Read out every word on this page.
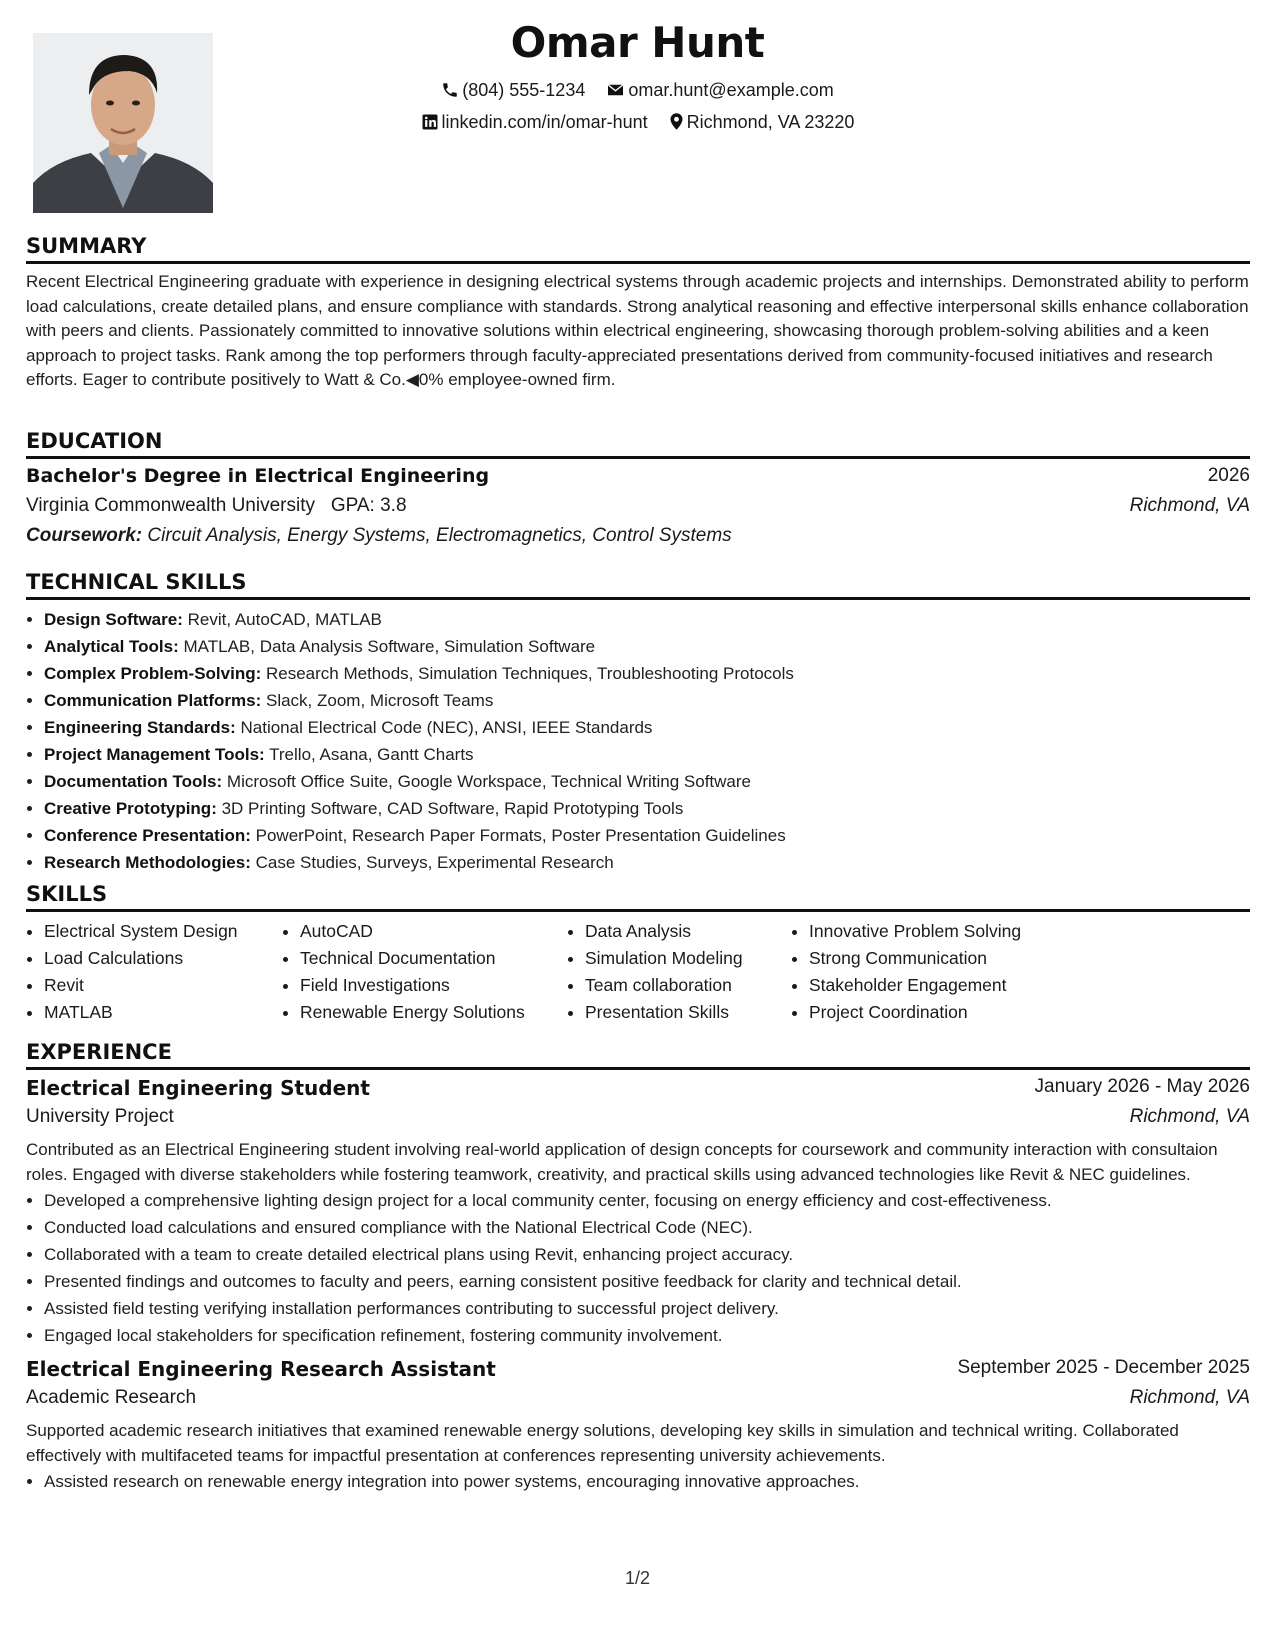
Omar Hunt
(804) 555-1234 omar.hunt@example.com
linkedin.com/in/omar-hunt Richmond, VA 23220
SUMMARY
Recent Electrical Engineering graduate with experience in designing electrical systems through academic projects and internships. Demonstrated ability to perform load calculations, create detailed plans, and ensure compliance with standards. Strong analytical reasoning and effective interpersonal skills enhance collaboration with peers and clients. Passionately committed to innovative solutions within electrical engineering, showcasing thorough problem-solving abilities and a keen approach to project tasks. Rank among the top performers through faculty-appreciated presentations derived from community-focused initiatives and research efforts. Eager to contribute positively to Watt & Co.◀0% employee-owned firm.
EDUCATION
Bachelor's Degree in Electrical Engineering	2026
Virginia Commonwealth University GPA: 3.8	Richmond, VA
Coursework: Circuit Analysis, Energy Systems, Electromagnetics, Control Systems
TECHNICAL SKILLS
• Design Software: Revit, AutoCAD, MATLAB
• Analytical Tools: MATLAB, Data Analysis Software, Simulation Software
• Complex Problem-Solving: Research Methods, Simulation Techniques, Troubleshooting Protocols
• Communication Platforms: Slack, Zoom, Microsoft Teams
• Engineering Standards: National Electrical Code (NEC), ANSI, IEEE Standards
• Project Management Tools: Trello, Asana, Gantt Charts
• Documentation Tools: Microsoft Office Suite, Google Workspace, Technical Writing Software
• Creative Prototyping: 3D Printing Software, CAD Software, Rapid Prototyping Tools
• Conference Presentation: PowerPoint, Research Paper Formats, Poster Presentation Guidelines
• Research Methodologies: Case Studies, Surveys, Experimental Research
SKILLS
• Electrical System Design
• Load Calculations
• Revit
• MATLAB
• AutoCAD
• Technical Documentation
• Field Investigations
• Renewable Energy Solutions
• Data Analysis
• Simulation Modeling
• Team collaboration
• Presentation Skills
• Innovative Problem Solving
• Strong Communication
• Stakeholder Engagement
• Project Coordination
EXPERIENCE
Electrical Engineering Student	January 2026 - May 2026
University Project	Richmond, VA
Contributed as an Electrical Engineering student involving real-world application of design concepts for coursework and community interaction with consultaion roles. Engaged with diverse stakeholders while fostering teamwork, creativity, and practical skills using advanced technologies like Revit & NEC guidelines.
• Developed a comprehensive lighting design project for a local community center, focusing on energy efficiency and cost-effectiveness.
• Conducted load calculations and ensured compliance with the National Electrical Code (NEC).
• Collaborated with a team to create detailed electrical plans using Revit, enhancing project accuracy.
• Presented findings and outcomes to faculty and peers, earning consistent positive feedback for clarity and technical detail.
• Assisted field testing verifying installation performances contributing to successful project delivery.
• Engaged local stakeholders for specification refinement, fostering community involvement.
Electrical Engineering Research Assistant	September 2025 - December 2025
Academic Research	Richmond, VA
Supported academic research initiatives that examined renewable energy solutions, developing key skills in simulation and technical writing. Collaborated effectively with multifaceted teams for impactful presentation at conferences representing university achievements.
• Assisted research on renewable energy integration into power systems, encouraging innovative approaches.
1/2
